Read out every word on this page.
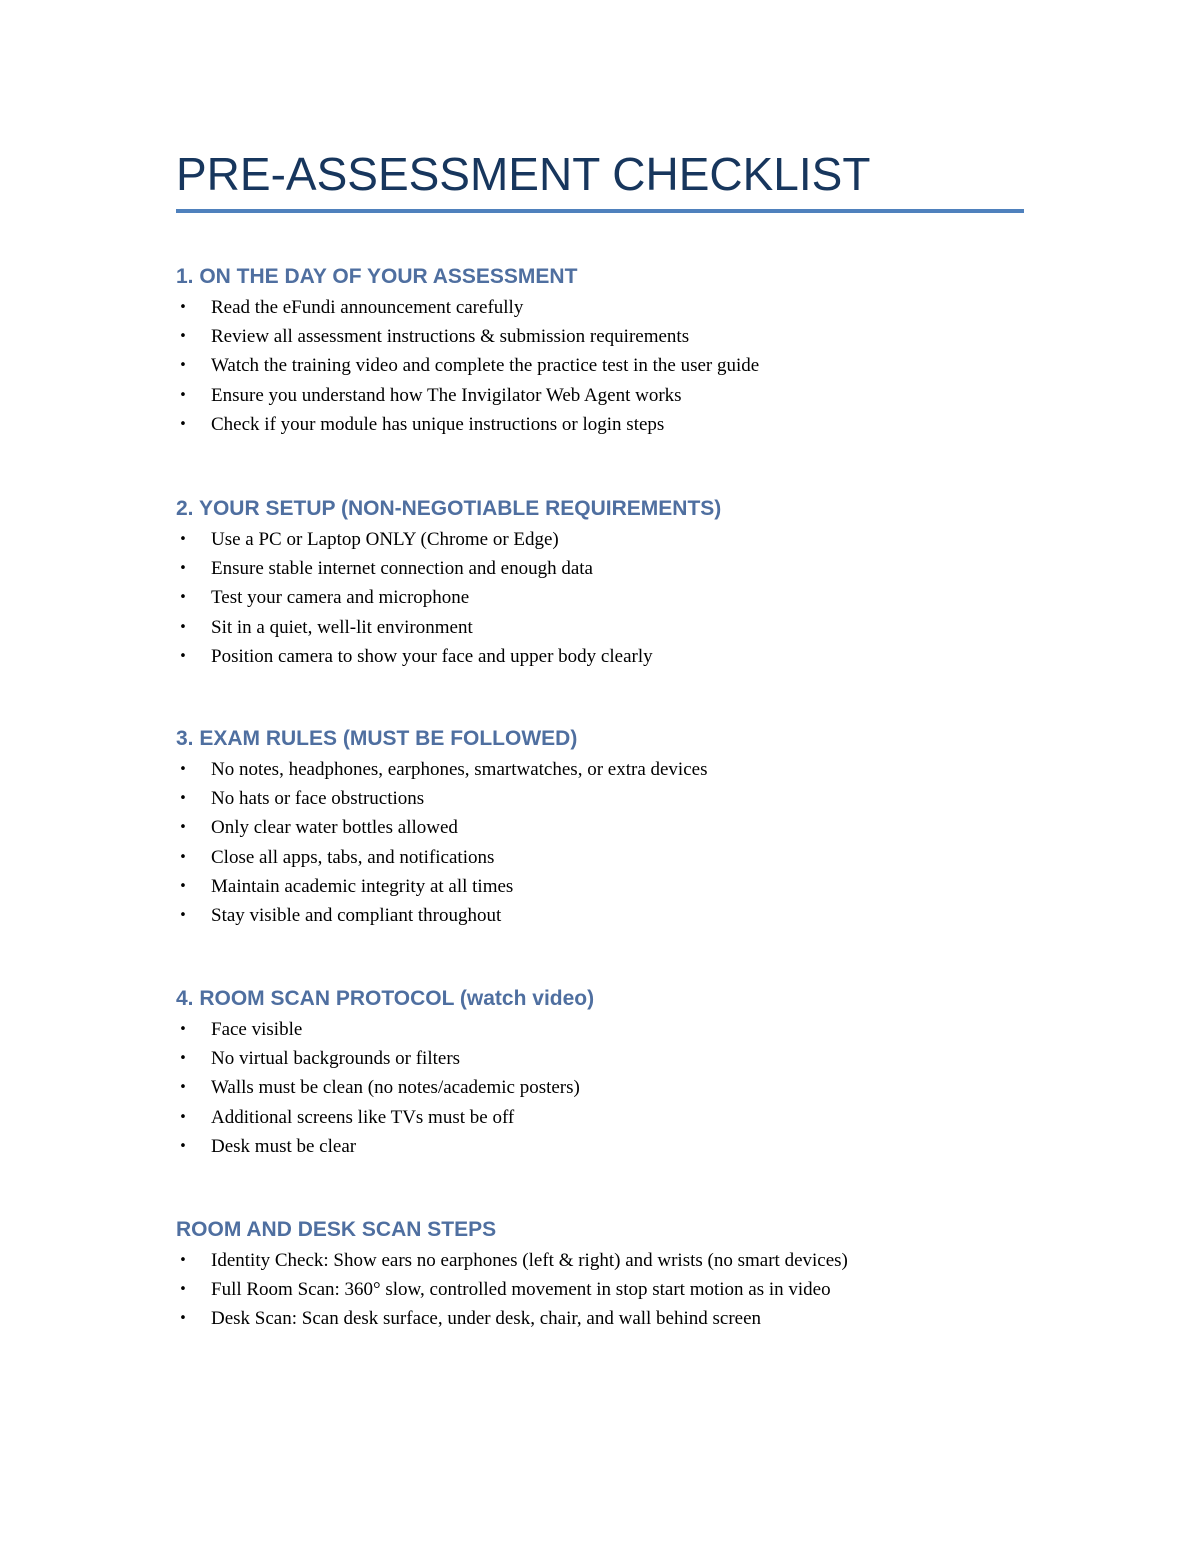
PRE-ASSESSMENT CHECKLIST
1. ON THE DAY OF YOUR ASSESSMENT
• Read the eFundi announcement carefully
• Review all assessment instructions & submission requirements
• Watch the training video and complete the practice test in the user guide
• Ensure you understand how The Invigilator Web Agent works
• Check if your module has unique instructions or login steps
2. YOUR SETUP (NON-NEGOTIABLE REQUIREMENTS)
• Use a PC or Laptop ONLY (Chrome or Edge)
• Ensure stable internet connection and enough data
• Test your camera and microphone
• Sit in a quiet, well-lit environment
• Position camera to show your face and upper body clearly
3. EXAM RULES (MUST BE FOLLOWED)
• No notes, headphones, earphones, smartwatches, or extra devices
• No hats or face obstructions
• Only clear water bottles allowed
• Close all apps, tabs, and notifications
• Maintain academic integrity at all times
• Stay visible and compliant throughout
4. ROOM SCAN PROTOCOL (watch video)
• Face visible
• No virtual backgrounds or filters
• Walls must be clean (no notes/academic posters)
• Additional screens like TVs must be off
• Desk must be clear
ROOM AND DESK SCAN STEPS
• Identity Check: Show ears no earphones (left & right) and wrists (no smart devices)
• Full Room Scan: 360° slow, controlled movement in stop start motion as in video
• Desk Scan: Scan desk surface, under desk, chair, and wall behind screen
